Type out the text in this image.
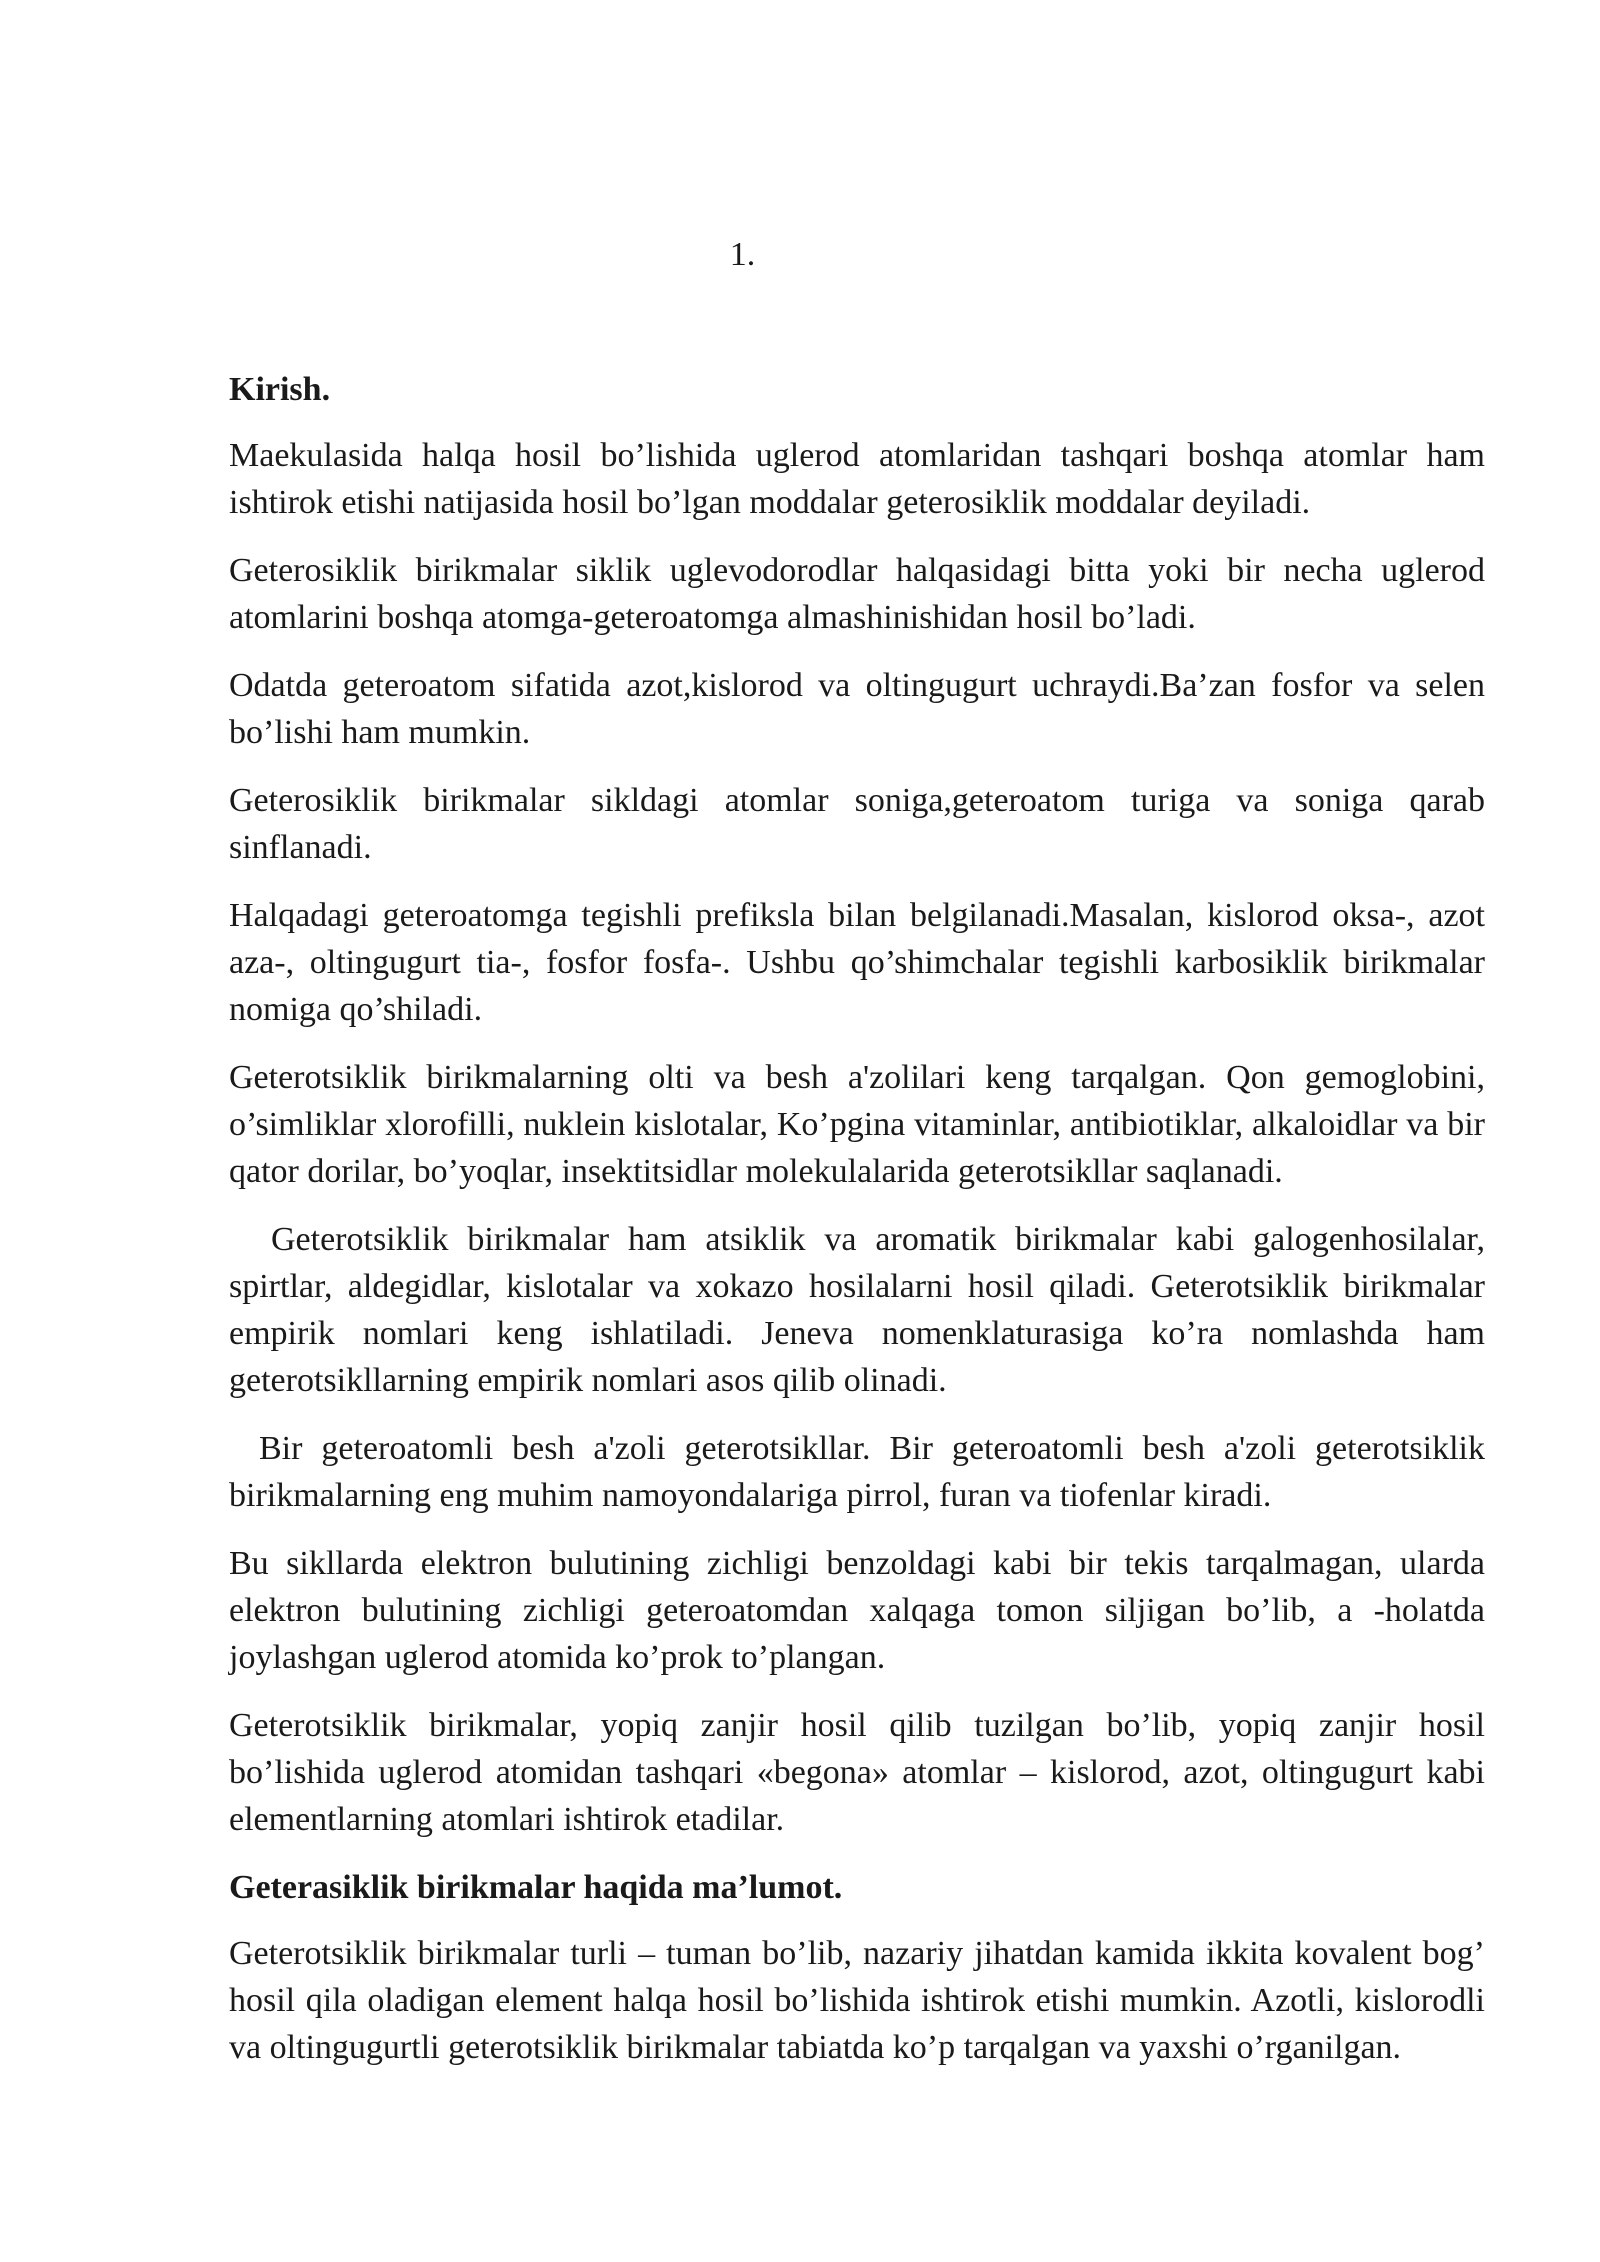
1.

Kirish.

Maekulasida halqa hosil bo’lishida uglerod atomlaridan tashqari boshqa atomlar ham ishtirok etishi natijasida hosil bo’lgan moddalar geterosiklik moddalar deyiladi.

Geterosiklik birikmalar siklik uglevodorodlar halqasidagi bitta yoki bir necha uglerod atomlarini boshqa atomga-geteroatomga almashinishidan hosil bo’ladi.

Odatda geteroatom sifatida azot,kislorod va oltingugurt uchraydi.Ba’zan fosfor va selen bo’lishi ham mumkin.

Geterosiklik birikmalar sikldagi atomlar soniga,geteroatom turiga va soniga qarab sinflanadi.

Halqadagi geteroatomga tegishli prefiksla bilan belgilanadi.Masalan, kislorod oksa-, azot aza-, oltingugurt tia-, fosfor fosfa-. Ushbu qo’shimchalar tegishli karbosiklik birikmalar nomiga qo’shiladi.

Geterotsiklik birikmalarning olti va besh a'zolilari keng tarqalgan. Qon gemoglobini, o’simliklar xlorofilli, nuklein kislotalar, Ko’pgina vitaminlar, antibiotiklar, alkaloidlar va bir qator dorilar, bo’yoqlar, insektitsidlar molekulalarida geterotsikllar saqlanadi.

Geterotsiklik birikmalar ham atsiklik va aromatik birikmalar kabi galogenhosilalar, spirtlar, aldegidlar, kislotalar va xokazo hosilalarni hosil qiladi. Geterotsiklik birikmalar empirik nomlari keng ishlatiladi. Jeneva nomenklaturasiga ko’ra nomlashda ham geterotsikllarning empirik nomlari asos qilib olinadi.

Bir geteroatomli besh a'zoli geterotsikllar. Bir geteroatomli besh a'zoli geterotsiklik birikmalarning eng muhim namoyondalariga pirrol, furan va tiofenlar kiradi.

Bu sikllarda elektron bulutining zichligi benzoldagi kabi bir tekis tarqalmagan, ularda elektron bulutining zichligi geteroatomdan xalqaga tomon siljigan bo’lib, a -holatda joylashgan uglerod atomida ko’prok to’plangan.

Geterotsiklik birikmalar, yopiq zanjir hosil qilib tuzilgan bo’lib, yopiq zanjir hosil bo’lishida uglerod atomidan tashqari «begona» atomlar – kislorod, azot, oltingugurt kabi elementlarning atomlari ishtirok etadilar.

Geterasiklik birikmalar haqida ma’lumot.

Geterotsiklik birikmalar turli – tuman bo’lib, nazariy jihatdan kamida ikkita kovalent bog’ hosil qila oladigan element halqa hosil bo’lishida ishtirok etishi mumkin. Azotli, kislorodli va oltingugurtli geterotsiklik birikmalar tabiatda ko’p tarqalgan va yaxshi o’rganilgan.
